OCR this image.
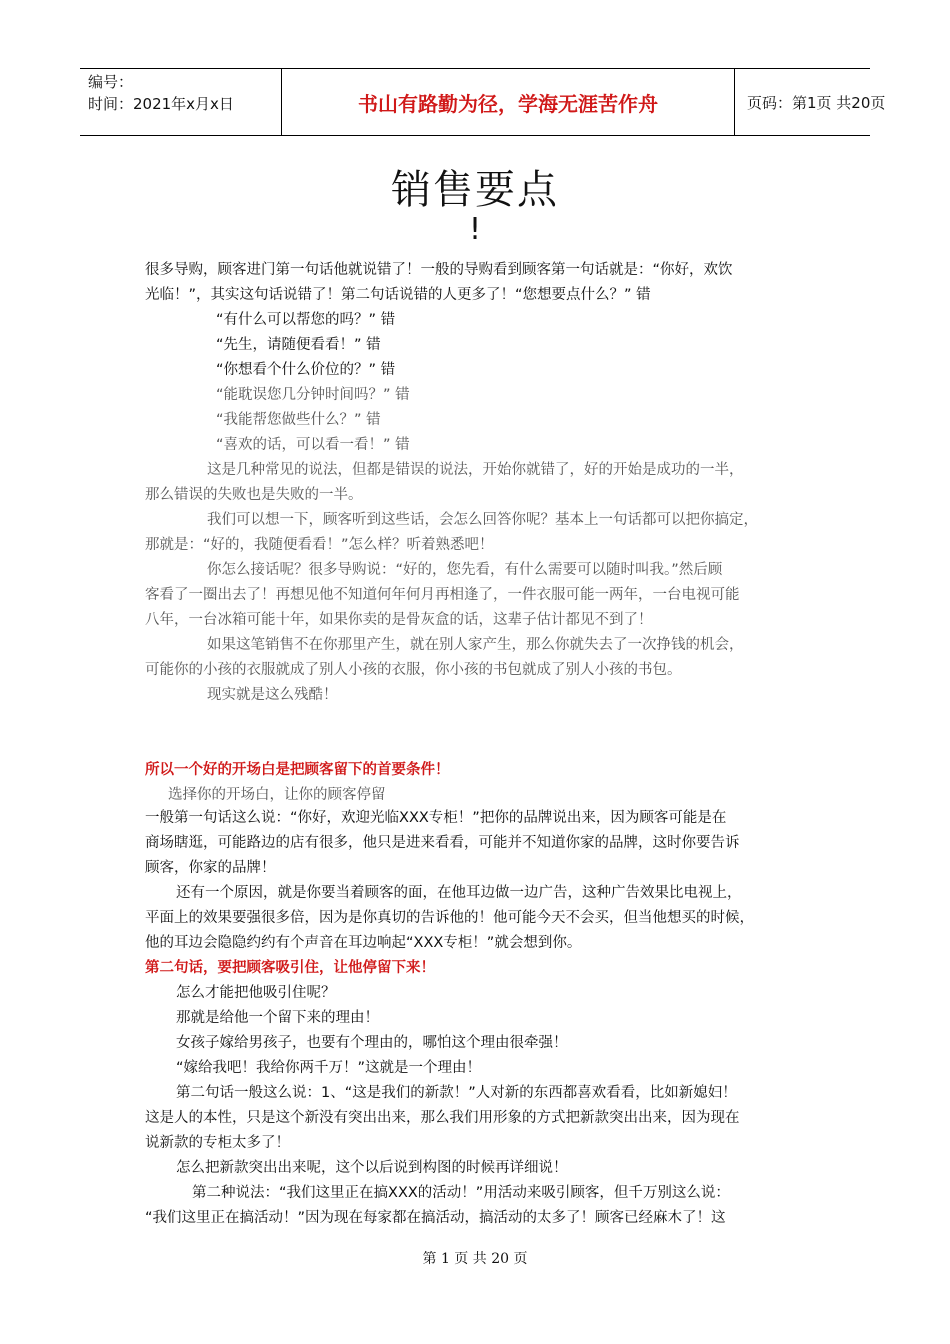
编号：
时间：2021年x月x日	书山有路勤为径，学海无涯苦作舟	页码：第1页 共20页
销售要点
!
很多导购，顾客进门第一句话他就说错了！一般的导购看到顾客第一句话就是：“你好，欢饮
光临！”，其实这句话说错了！第二句话说错的人更多了！“您想要点什么？” 错
“有什么可以帮您的吗？” 错
“先生，请随便看看！” 错
“你想看个什么价位的？” 错
“能耽误您几分钟时间吗？” 错
“我能帮您做些什么？” 错
“喜欢的话，可以看一看！” 错
这是几种常见的说法，但都是错误的说法，开始你就错了，好的开始是成功的一半，
那么错误的失败也是失败的一半。
我们可以想一下，顾客听到这些话，会怎么回答你呢？基本上一句话都可以把你搞定，
那就是：“好的，我随便看看！”怎么样？听着熟悉吧！
你怎么接话呢？很多导购说：“好的，您先看，有什么需要可以随时叫我。”然后顾
客看了一圈出去了！再想见他不知道何年何月再相逢了，一件衣服可能一两年，一台电视可能
八年，一台冰箱可能十年，如果你卖的是骨灰盒的话，这辈子估计都见不到了！
如果这笔销售不在你那里产生，就在别人家产生，那么你就失去了一次挣钱的机会，
可能你的小孩的衣服就成了别人小孩的衣服，你小孩的书包就成了别人小孩的书包。
现实就是这么残酷！
所以一个好的开场白是把顾客留下的首要条件！
选择你的开场白，让你的顾客停留
一般第一句话这么说：“你好，欢迎光临XXX专柜！”把你的品牌说出来，因为顾客可能是在
商场瞎逛，可能路边的店有很多，他只是进来看看，可能并不知道你家的品牌，这时你要告诉
顾客，你家的品牌！
还有一个原因，就是你要当着顾客的面，在他耳边做一边广告，这种广告效果比电视上，
平面上的效果要强很多倍，因为是你真切的告诉他的！他可能今天不会买，但当他想买的时候，
他的耳边会隐隐约约有个声音在耳边响起“XXX专柜！”就会想到你。
第二句话，要把顾客吸引住，让他停留下来！
怎么才能把他吸引住呢？
那就是给他一个留下来的理由！
女孩子嫁给男孩子，也要有个理由的，哪怕这个理由很牵强！
“嫁给我吧！我给你两千万！”这就是一个理由！
第二句话一般这么说：1、“这是我们的新款！”人对新的东西都喜欢看看，比如新媳妇！
这是人的本性，只是这个新没有突出出来，那么我们用形象的方式把新款突出出来，因为现在
说新款的专柜太多了！
怎么把新款突出出来呢，这个以后说到构图的时候再详细说！
第二种说法：“我们这里正在搞XXX的活动！”用活动来吸引顾客，但千万别这么说：
“我们这里正在搞活动！”因为现在每家都在搞活动，搞活动的太多了！顾客已经麻木了！这
第 1 页 共 20 页
